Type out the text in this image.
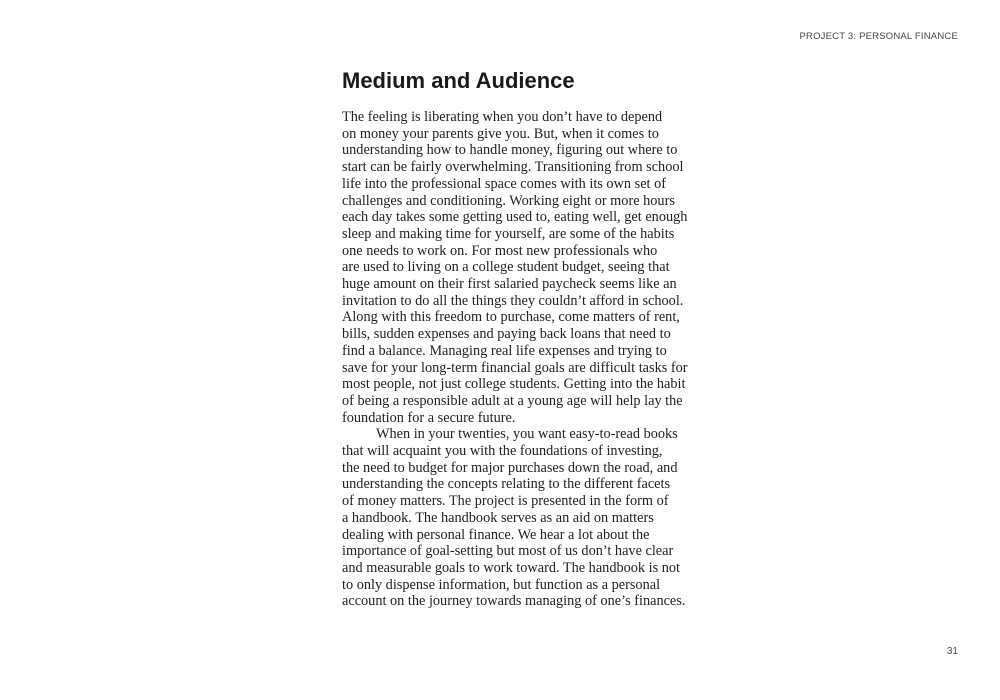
PROJECT 3: PERSONAL FINANCE
Medium and Audience

The feeling is liberating when you don’t have to depend
on money your parents give you. But, when it comes to
understanding how to handle money, figuring out where to
start can be fairly overwhelming. Transitioning from school
life into the professional space comes with its own set of
challenges and conditioning. Working eight or more hours
each day takes some getting used to, eating well, get enough
sleep and making time for yourself, are some of the habits
one needs to work on. For most new professionals who
are used to living on a college student budget, seeing that
huge amount on their first salaried paycheck seems like an
invitation to do all the things they couldn’t afford in school.
Along with this freedom to purchase, come matters of rent,
bills, sudden expenses and paying back loans that need to
find a balance. Managing real life expenses and trying to
save for your long-term financial goals are difficult tasks for
most people, not just college students. Getting into the habit
of being a responsible adult at a young age will help lay the
foundation for a secure future.

When in your twenties, you want easy-to-read books
that will acquaint you with the foundations of investing,
the need to budget for major purchases down the road, and
understanding the concepts relating to the different facets
of money matters. The project is presented in the form of
a handbook. The handbook serves as an aid on matters
dealing with personal finance. We hear a lot about the
importance of goal-setting but most of us don’t have clear
and measurable goals to work toward. The handbook is not
to only dispense information, but function as a personal
account on the journey towards managing of one’s finances.

31
